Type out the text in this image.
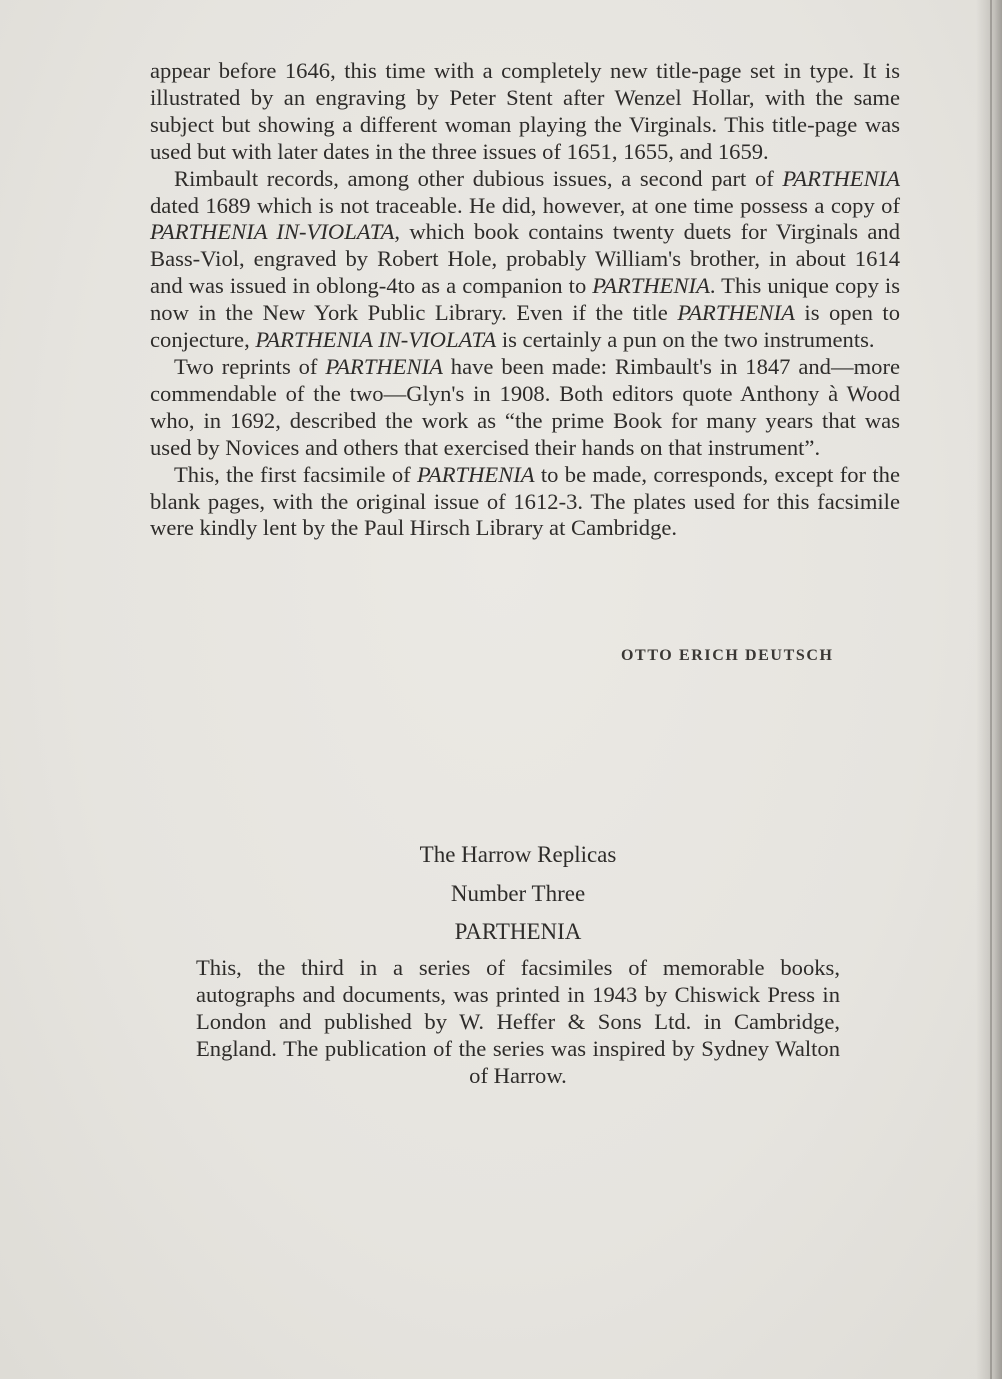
appear before 1646, this time with a completely new title-page set in type. It is illustrated by an engraving by Peter Stent after Wenzel Hollar, with the same subject but showing a different woman playing the Virginals. This title-page was used but with later dates in the three issues of 1651, 1655, and 1659.

Rimbault records, among other dubious issues, a second part of PARTHENIA dated 1689 which is not traceable. He did, however, at one time possess a copy of PARTHENIA IN-VIOLATA, which book contains twenty duets for Virginals and Bass-Viol, engraved by Robert Hole, probably William's brother, in about 1614 and was issued in oblong-4to as a companion to PARTHENIA. This unique copy is now in the New York Public Library. Even if the title PARTHENIA is open to conjecture, PARTHENIA IN-VIOLATA is certainly a pun on the two instruments.

Two reprints of PARTHENIA have been made: Rimbault's in 1847 and—more commendable of the two—Glyn's in 1908. Both editors quote Anthony à Wood who, in 1692, described the work as “the prime Book for many years that was used by Novices and others that exercised their hands on that instrument”.

This, the first facsimile of PARTHENIA to be made, corresponds, except for the blank pages, with the original issue of 1612-3. The plates used for this facsimile were kindly lent by the Paul Hirsch Library at Cambridge.

OTTO ERICH DEUTSCH
The Harrow Replicas
Number Three
PARTHENIA
This, the third in a series of facsimiles of memorable books, autographs and documents, was printed in 1943 by Chiswick Press in London and published by W. Heffer & Sons Ltd. in Cambridge, England. The publication of the series was inspired by Sydney Walton of Harrow.
